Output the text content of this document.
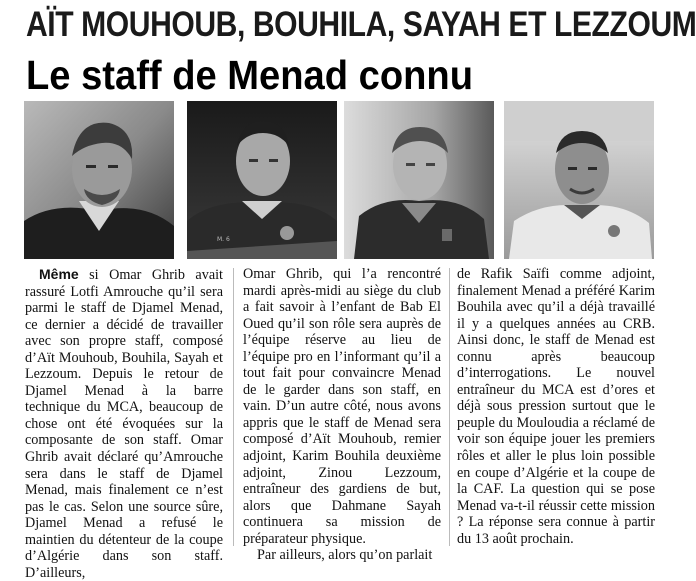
AÏT MOUHOUB, BOUHILA, SAYAH ET LEZZOUM
Le staff de Menad connu
M. 6

Même si Omar Ghrib avait rassuré Lotfi Amrouche qu’il sera parmi le staff de Djamel Menad, ce dernier a décidé de travailler avec son propre staff, composé d’Aït Mouhoub, Bouhila, Sayah et Lezzoum. Depuis le retour de Djamel Menad à la barre technique du MCA, beaucoup de chose ont été évoquées sur la composante de son staff. Omar Ghrib avait déclaré qu’Amrouche sera dans le staff de Djamel Menad, mais finalement ce n’est pas le cas. Selon une source sûre, Djamel Menad a refusé le maintien du détenteur de la coupe d’Algérie dans son staff. D’ailleurs,

Omar Ghrib, qui l’a rencontré mardi après-midi au siège du club a fait savoir à l’enfant de Bab El Oued qu’il son rôle sera auprès de l’équipe réserve au lieu de l’équipe pro en l’informant qu’il a tout fait pour convaincre Menad de le garder dans son staff, en vain. D’un autre côté, nous avons appris que le staff de Menad sera composé d’Aït Mouhoub, remier adjoint, Karim Bouhila deuxième adjoint, Zinou Lezzoum, entraîneur des gardiens de but, alors que Dahmane Sayah continuera sa mission de préparateur physique.

Par ailleurs, alors qu’on parlait

de Rafik Saïfi comme adjoint, finalement Menad a préféré Karim Bouhila avec qu’il a déjà travaillé il y a quelques années au CRB. Ainsi donc, le staff de Menad est connu après beaucoup d’interrogations. Le nouvel entraîneur du MCA est d’ores et déjà sous pression surtout que le peuple du Mouloudia a réclamé de voir son équipe jouer les premiers rôles et aller le plus loin possible en coupe d’Algérie et la coupe de la CAF. La question qui se pose Menad va-t-il réussir cette mission ? La réponse sera connue à partir du 13 août prochain.
